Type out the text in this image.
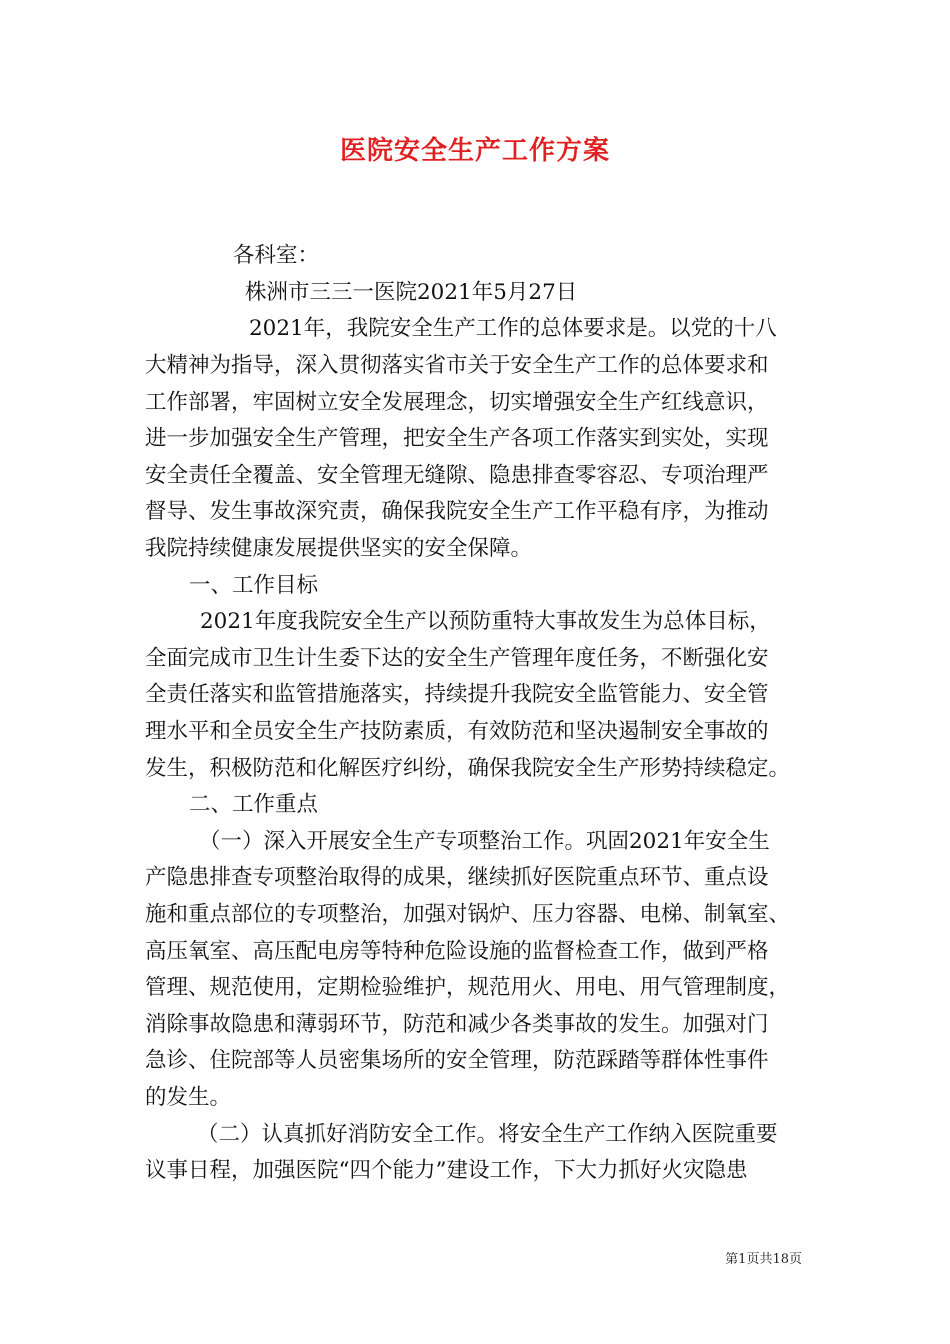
医院安全生产工作方案
各科室：
株洲市三三一医院2021年5月27日
2021年，我院安全生产工作的总体要求是。以党的十八
大精神为指导，深入贯彻落实省市关于安全生产工作的总体要求和
工作部署，牢固树立安全发展理念，切实增强安全生产红线意识，
进一步加强安全生产管理，把安全生产各项工作落实到实处，实现
安全责任全覆盖、安全管理无缝隙、隐患排查零容忍、专项治理严
督导、发生事故深究责，确保我院安全生产工作平稳有序，为推动
我院持续健康发展提供坚实的安全保障。
一、工作目标
2021年度我院安全生产以预防重特大事故发生为总体目标，
全面完成市卫生计生委下达的安全生产管理年度任务，不断强化安
全责任落实和监管措施落实，持续提升我院安全监管能力、安全管
理水平和全员安全生产技防素质，有效防范和坚决遏制安全事故的
发生，积极防范和化解医疗纠纷，确保我院安全生产形势持续稳定。
二、工作重点
（一）深入开展安全生产专项整治工作。巩固2021年安全生
产隐患排查专项整治取得的成果，继续抓好医院重点环节、重点设
施和重点部位的专项整治，加强对锅炉、压力容器、电梯、制氧室、
高压氧室、高压配电房等特种危险设施的监督检查工作，做到严格
管理、规范使用，定期检验维护，规范用火、用电、用气管理制度，
消除事故隐患和薄弱环节，防范和减少各类事故的发生。加强对门
急诊、住院部等人员密集场所的安全管理，防范踩踏等群体性事件
的发生。
（二）认真抓好消防安全工作。将安全生产工作纳入医院重要
议事日程，加强医院“四个能力”建设工作，下大力抓好火灾隐患
第1页共18页
